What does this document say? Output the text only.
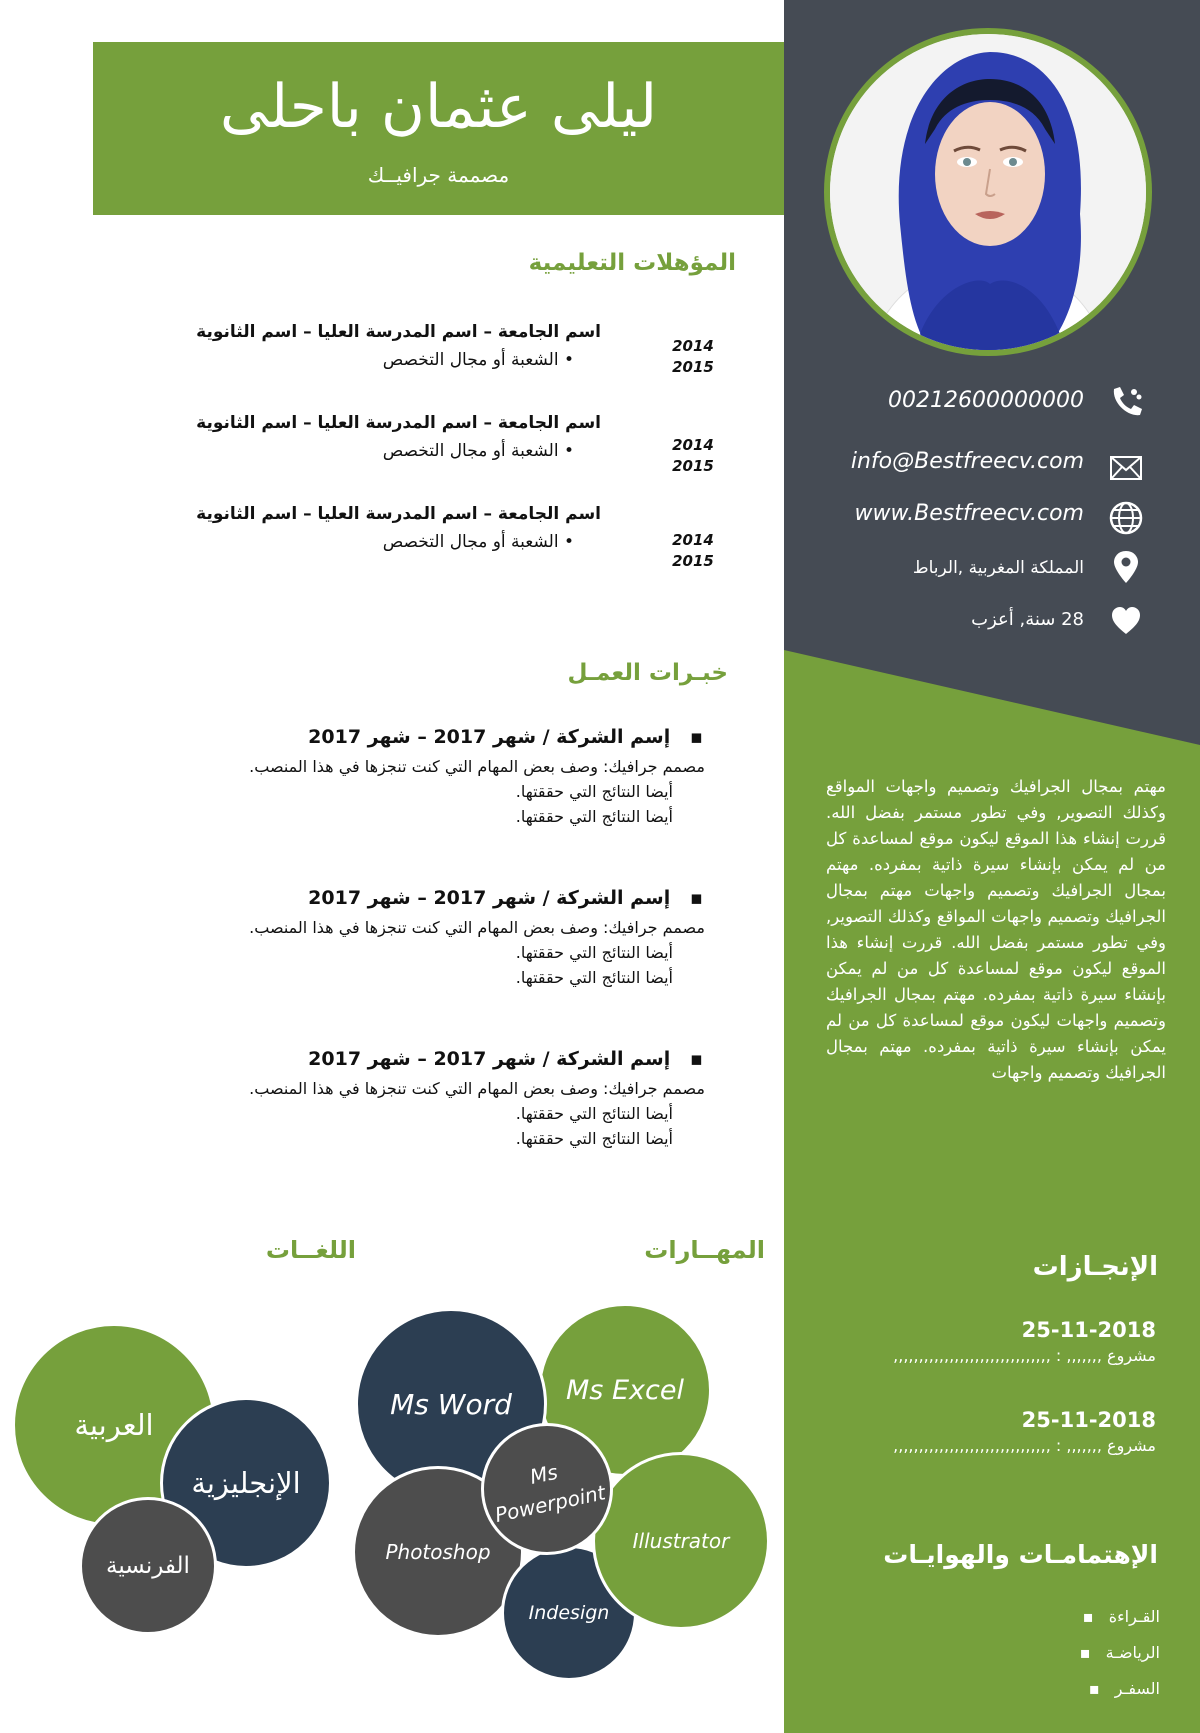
00212600000000
info@Bestfreecv.com
www.Bestfreecv.com
المملكة المغربية ,الرباط
28 سنة, أعزب
مهتم بمجال الجرافيك وتصميم واجهات المواقع وكذلك التصوير, وفي تطور مستمر بفضل الله. قررت إنشاء هذا الموقع ليكون موقع لمساعدة كل من لم يمكن بإنشاء سيرة ذاتية بمفرده. مهتم بمجال الجرافيك وتصميم واجهات مهتم بمجال الجرافيك وتصميم واجهات المواقع وكذلك التصوير, وفي تطور مستمر بفضل الله. قررت إنشاء هذا الموقع ليكون موقع لمساعدة كل من لم يمكن بإنشاء سيرة ذاتية بمفرده. مهتم بمجال الجرافيك وتصميم واجهات ليكون موقع لمساعدة كل من لم يمكن بإنشاء سيرة ذاتية بمفرده. مهتم بمجال الجرافيك وتصميم واجهات
الإنجـازات
25-11-2018
مشروع ,,,,,,, : ,,,,,,,,,,,,,,,,,,,,,,,,,,,,,,,
25-11-2018
مشروع ,,,,,,, : ,,,,,,,,,,,,,,,,,,,,,,,,,,,,,,,
الإهتمامـات والهوايـات
القـراءة   ▪
الرياضـة   ▪
السفـر   ▪
ليلى عثمان باحلى
مصممة جرافيــك
المؤهلات التعليمية
اسم الجامعة – اسم المدرسة العليا – اسم الثانوية
• الشعبة أو مجال التخصص
2014
2015
اسم الجامعة – اسم المدرسة العليا – اسم الثانوية
• الشعبة أو مجال التخصص	2014
2015
اسم الجامعة – اسم المدرسة العليا – اسم الثانوية
• الشعبة أو مجال التخصص	2014
2015
خبـرات العمـل
▪   إسم الشركة / شهر 2017 – شهر 2017
مصمم جرافيك: وصف بعض المهام التي كنت تنجزها في هذا المنصب.
أيضا النتائج التي حققتها.
أيضا النتائج التي حققتها.
▪   إسم الشركة / شهر 2017 – شهر 2017
مصمم جرافيك: وصف بعض المهام التي كنت تنجزها في هذا المنصب.
أيضا النتائج التي حققتها.
أيضا النتائج التي حققتها.
▪   إسم الشركة / شهر 2017 – شهر 2017
مصمم جرافيك: وصف بعض المهام التي كنت تنجزها في هذا المنصب.
أيضا النتائج التي حققتها.
أيضا النتائج التي حققتها.
المهــارات
اللغــات
Ms Excel
Ms Word
Photoshop
Indesign
Illustrator
Ms Powerpoint
العربية
الإنجليزية
الفرنسية
